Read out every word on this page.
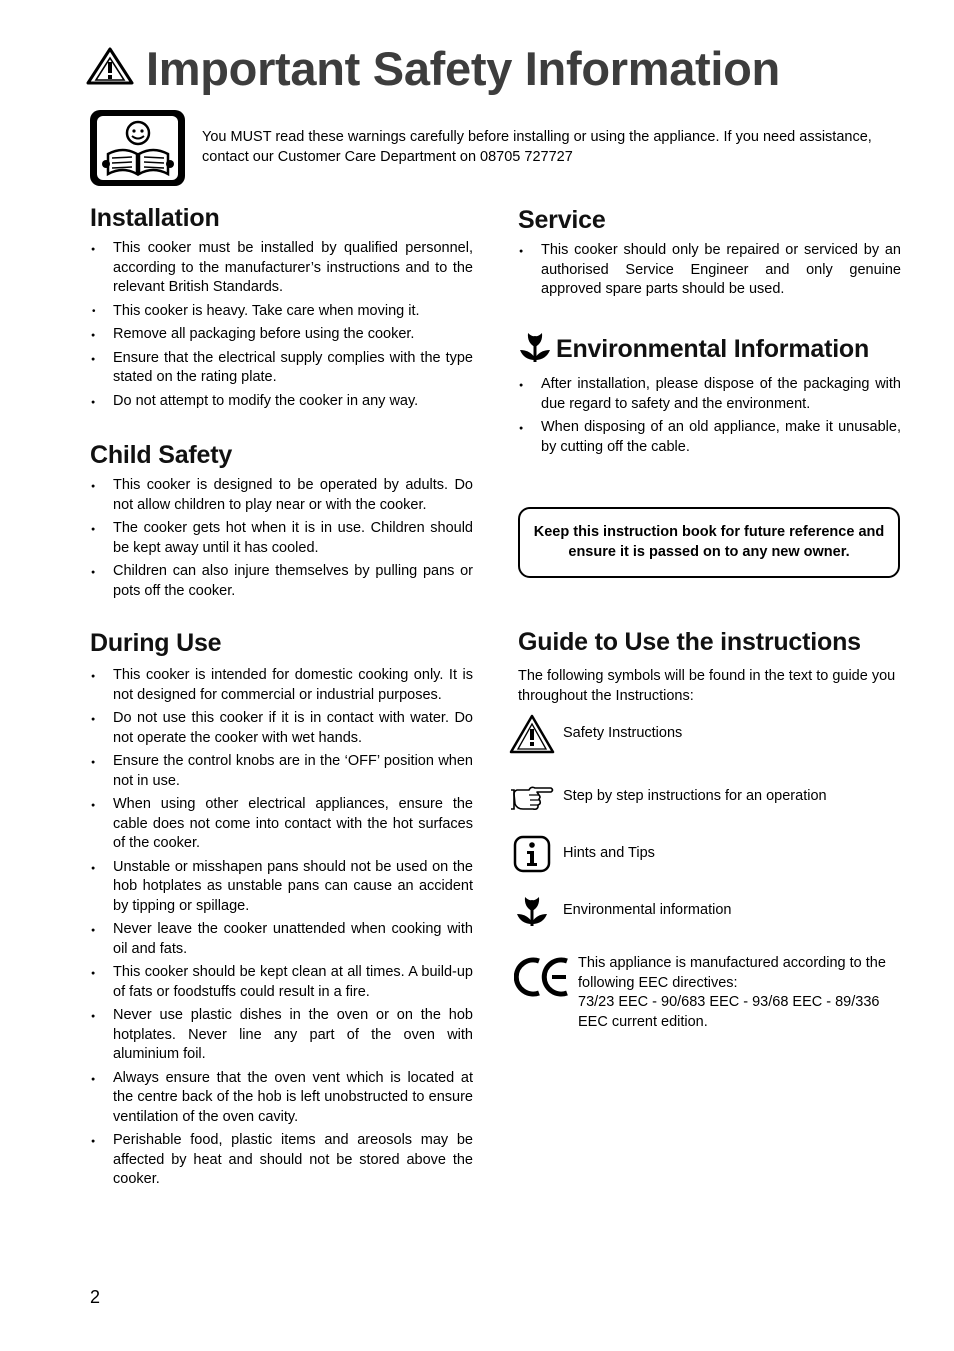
Important Safety Information
You MUST read these warnings carefully before installing or using the appliance. If you need assistance, contact our Customer Care Department on 08705 727727
Installation
● This cooker must be installed by qualified personnel, according to the manufacturer’s instructions and to the relevant British Standards.
• This cooker is heavy. Take care when moving it.
● Remove all packaging before using the cooker.
● Ensure that the electrical supply complies with the type stated on the rating plate.
● Do not attempt to modify the cooker in any way.
Child Safety
● This cooker is designed to be operated by adults. Do not allow children to play near or with the cooker.
● The cooker gets hot when it is in use. Children should be kept away until it has cooled.
● Children can also injure themselves by pulling pans or pots off the cooker.
During Use
● This cooker is intended for domestic cooking only. It is not designed for commercial or industrial purposes.
● Do not use this cooker if it is in contact with water. Do not operate the cooker with wet hands.
● Ensure the control knobs are in the ‘OFF’ position when not in use.
● When using other electrical appliances, ensure the cable does not come into contact with the hot surfaces of the cooker.
● Unstable or misshapen pans should not be used on the hob hotplates as unstable pans can cause an accident by tipping or spillage.
● Never leave the cooker unattended when cooking with oil and fats.
● This cooker should be kept clean at all times. A build-up of fats or foodstuffs could result in a fire.
● Never use plastic dishes in the oven or on the hob hotplates. Never line any part of the oven with aluminium foil.
● Always ensure that the oven vent which is located at the centre back of the hob is left unobstructed to ensure ventilation of the oven cavity.
● Perishable food, plastic items and areosols may be affected by heat and should not be stored above the cooker.
Service
● This cooker should only be repaired or serviced by an authorised Service Engineer and only genuine approved spare parts should be used.
Environmental Information
● After installation, please dispose of the packaging with due regard to safety and the environment.
● When disposing of an old appliance, make it unusable, by cutting off the cable.
Keep this instruction book for future reference and ensure it is passed on to any new owner.
Guide to Use the instructions
The following symbols will be found in the text to guide you throughout the Instructions:
Safety Instructions
Step by step instructions for an operation
Hints and Tips
Environmental information
This appliance is manufactured according to the following EEC directives:
73/23 EEC - 90/683 EEC - 93/68 EEC - 89/336 EEC current edition.
2
